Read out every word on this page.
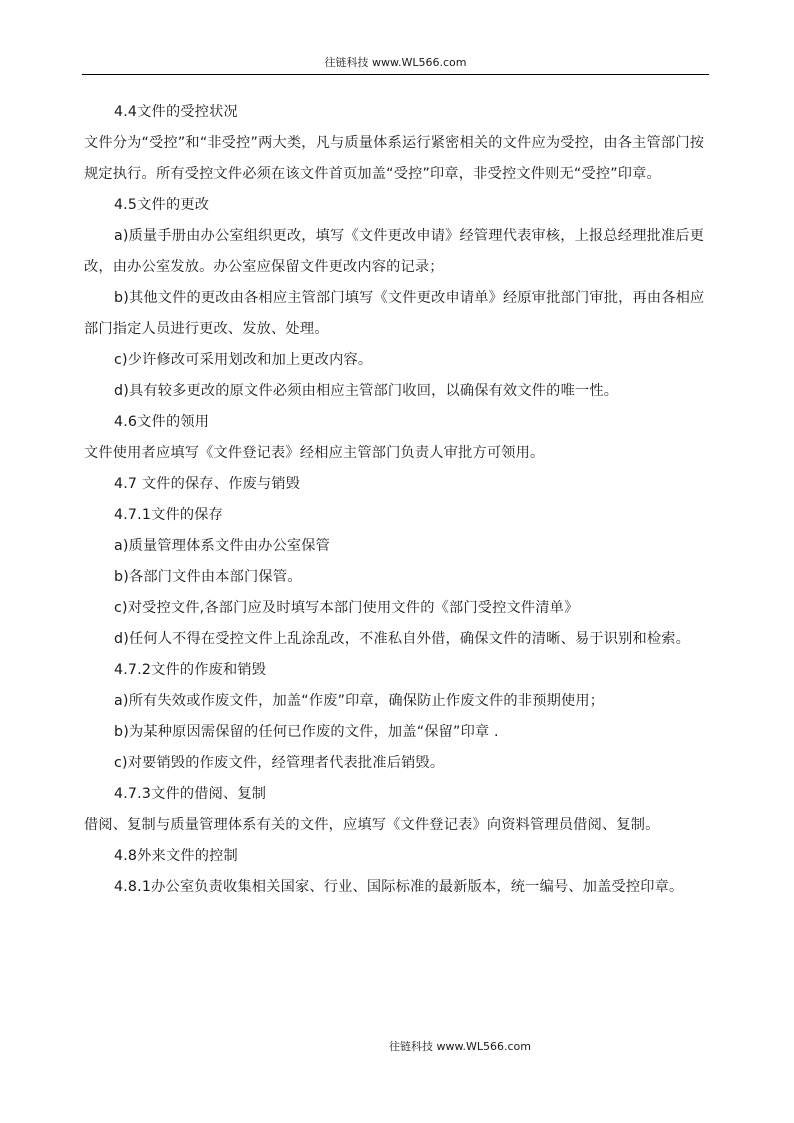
往链科技 www.WL566.com

4.4文件的受控状况

文件分为“受控”和“非受控”两大类，凡与质量体系运行紧密相关的文件应为受控，由各主管部门按规定执行。所有受控文件必须在该文件首页加盖“受控”印章，非受控文件则无“受控”印章。

4.5文件的更改

a)质量手册由办公室组织更改，填写《文件更改申请》经管理代表审核，上报总经理批准后更改，由办公室发放。办公室应保留文件更改内容的记录；

b)其他文件的更改由各相应主管部门填写《文件更改申请单》经原审批部门审批，再由各相应部门指定人员进行更改、发放、处理。

c)少许修改可采用划改和加上更改内容。

d)具有较多更改的原文件必须由相应主管部门收回，以确保有效文件的唯一性。

4.6文件的领用

文件使用者应填写《文件登记表》经相应主管部门负责人审批方可领用。

4.7 文件的保存、作废与销毁

4.7.1文件的保存

a)质量管理体系文件由办公室保管

b)各部门文件由本部门保管。

c)对受控文件,各部门应及时填写本部门使用文件的《部门受控文件清单》

d)任何人不得在受控文件上乱涂乱改，不准私自外借，确保文件的清晰、易于识别和检索。

4.7.2文件的作废和销毁

a)所有失效或作废文件，加盖“作废”印章，确保防止作废文件的非预期使用；

b)为某种原因需保留的任何已作废的文件，加盖“保留”印章 .

c)对要销毁的作废文件，经管理者代表批准后销毁。

4.7.3文件的借阅、复制

借阅、复制与质量管理体系有关的文件，应填写《文件登记表》向资料管理员借阅、复制。

4.8外来文件的控制

4.8.1办公室负责收集相关国家、行业、国际标准的最新版本，统一编号、加盖受控印章。

往链科技 www.WL566.com
